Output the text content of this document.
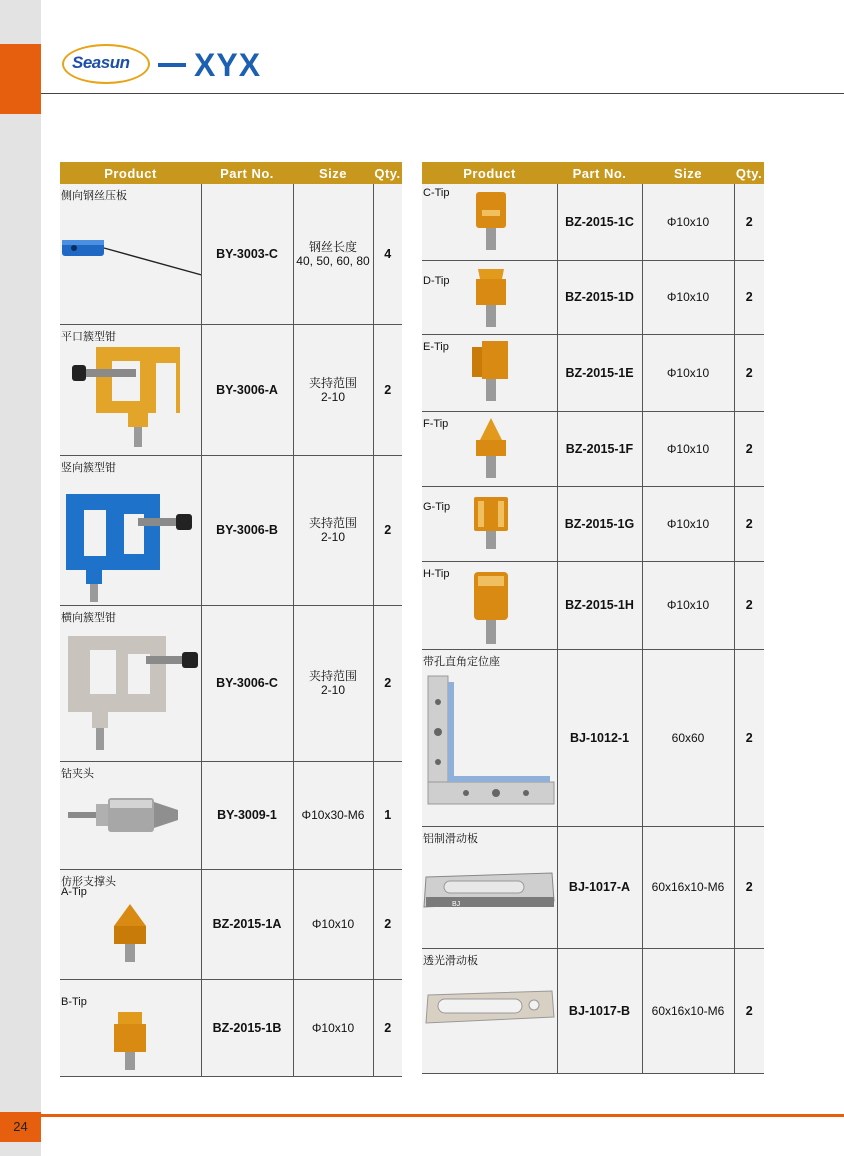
24
Seasun XYX
Product	Part No.	Size	Qty.

侧向钢丝压板	BY-3003-C	钢丝长度
40, 50, 60, 80	4

平口簇型钳	BY-3006-A	夹持范围
2-10	2

竖向簇型钳	BY-3006-B	夹持范围
2-10	2

横向簇型钳	BY-3006-C	夹持范围
2-10	2

钻夹头	BY-3009-1	Φ10x30-M6	1

仿形支撑头
A-Tip	BZ-2015-1A	Φ10x10	2

B-Tip	BZ-2015-1B	Φ10x10	2
Product	Part No.	Size	Qty.

C-Tip	BZ-2015-1C	Φ10x10	2

D-Tip	BZ-2015-1D	Φ10x10	2

E-Tip	BZ-2015-1E	Φ10x10	2

F-Tip	BZ-2015-1F	Φ10x10	2

G-Tip	BZ-2015-1G	Φ10x10	2

H-Tip	BZ-2015-1H	Φ10x10	2

带孔直角定位座	BJ-1012-1	60x60	2

铝制滑动板
BJ	BJ-1017-A	60x16x10-M6	2

透光滑动板	BJ-1017-B	60x16x10-M6	2
